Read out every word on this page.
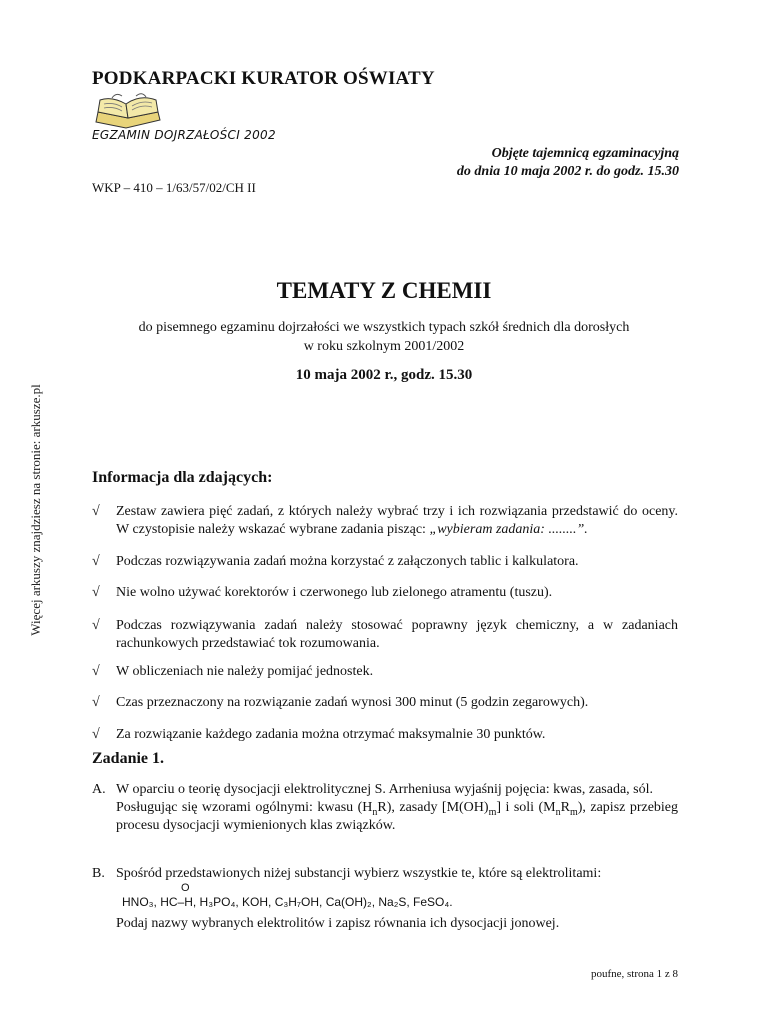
PODKARPACKI KURATOR OŚWIATY
EGZAMIN DOJRZAŁOŚCI 2002
Objęte tajemnicą egzaminacyjną
do dnia 10 maja 2002 r. do godz. 15.30
WKP – 410 – 1/63/57/02/CH II
TEMATY Z CHEMII
do pisemnego egzaminu dojrzałości we wszystkich typach szkół średnich dla dorosłych
w roku szkolnym 2001/2002
10 maja 2002 r., godz. 15.30
Więcej arkuszy znajdziesz na stronie: arkusze.pl	Informacja dla zdających:
√	Zestaw zawiera pięć zadań, z których należy wybrać trzy i ich rozwiązania przedstawić do oceny. W czystopisie należy wskazać wybrane zadania pisząc: „wybieram zadania: ........”.
√	Podczas rozwiązywania zadań można korzystać z załączonych tablic i kalkulatora.
√	Nie wolno używać korektorów i czerwonego lub zielonego atramentu (tuszu).
√	Podczas rozwiązywania zadań należy stosować poprawny język chemiczny, a w zadaniach rachunkowych przedstawiać tok rozumowania.
√	W obliczeniach nie należy pomijać jednostek.
√	Czas przeznaczony na rozwiązanie zadań wynosi 300 minut (5 godzin zegarowych).
√	Za rozwiązanie każdego zadania można otrzymać maksymalnie 30 punktów.
Zadanie 1.
A. W oparciu o teorię dysocjacji elektrolitycznej S. Arrheniusa wyjaśnij pojęcia: kwas, zasada, sól.

Posługując się wzorami ogólnymi: kwasu $(H_nR)$, zasady $[M(OH)_m]$ i soli $(M_nR_m)$, zapisz przebieg procesu dysocjacji wymienionych klas związków.

B. Spośród przedstawionych niżej substancji wybierz wszystkie te, które są elektrolitami:
O
HNO₃, HC–H, H₃PO₄, KOH, C₃H₇OH, Ca(OH)₂, Na₂S, FeSO₄.
Podaj nazwy wybranych elektrolitów i zapisz równania ich dysocjacji jonowej.
poufne, strona 1 z 8
